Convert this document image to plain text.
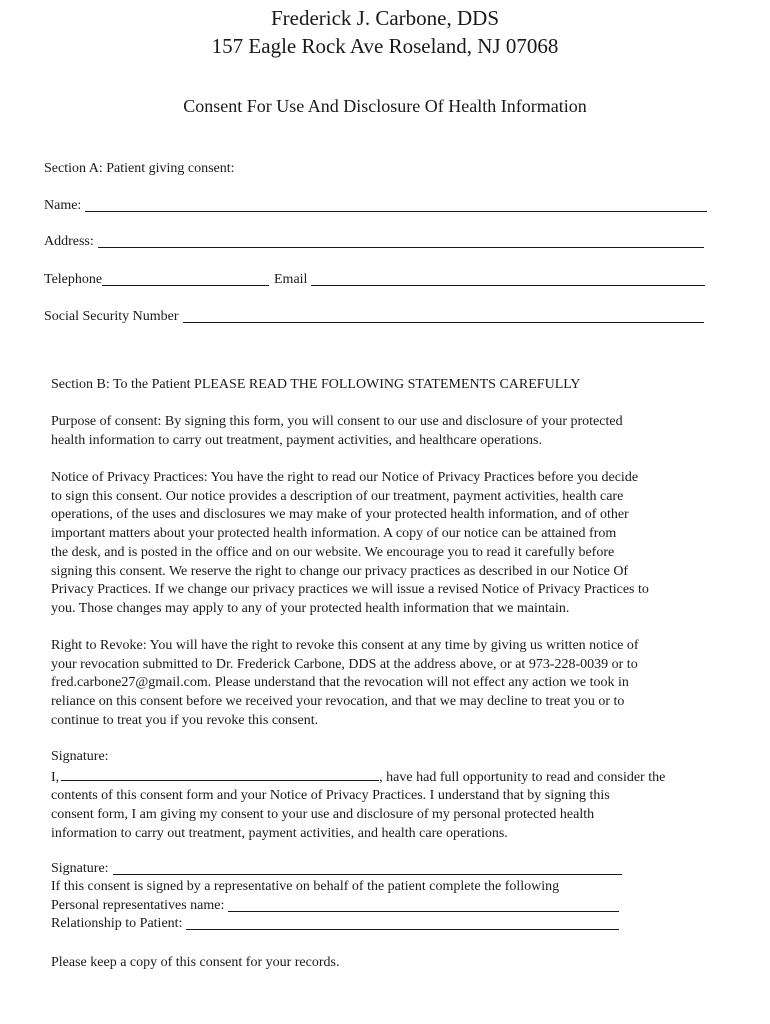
Frederick J. Carbone, DDS
157 Eagle Rock Ave Roseland, NJ 07068
Consent For Use And Disclosure Of Health Information
Section A: Patient giving consent:
Name:
Address:
Telephone	Email
Social Security Number
Section B: To the Patient PLEASE READ THE FOLLOWING STATEMENTS CAREFULLY
Purpose of consent: By signing this form, you will consent to our use and disclosure of your protected
health information to carry out treatment, payment activities, and healthcare operations.
Notice of Privacy Practices: You have the right to read our Notice of Privacy Practices before you decide
to sign this consent. Our notice provides a description of our treatment, payment activities, health care
operations, of the uses and disclosures we may make of your protected health information, and of other
important matters about your protected health information. A copy of our notice can be attained from
the desk, and is posted in the office and on our website. We encourage you to read it carefully before
signing this consent. We reserve the right to change our privacy practices as described in our Notice Of
Privacy Practices. If we change our privacy practices we will issue a revised Notice of Privacy Practices to
you. Those changes may apply to any of your protected health information that we maintain.
Right to Revoke: You will have the right to revoke this consent at any time by giving us written notice of
your revocation submitted to Dr. Frederick Carbone, DDS at the address above, or at 973-228-0039 or to
fred.carbone27@gmail.com. Please understand that the revocation will not effect any action we took in
reliance on this consent before we received your revocation, and that we may decline to treat you or to
continue to treat you if you revoke this consent.
Signature:
I,	, have had full opportunity to read and consider the
contents of this consent form and your Notice of Privacy Practices. I understand that by signing this
consent form, I am giving my consent to your use and disclosure of my personal protected health
information to carry out treatment, payment activities, and health care operations.
Signature:
If this consent is signed by a representative on behalf of the patient complete the following
Personal representatives name:
Relationship to Patient:
Please keep a copy of this consent for your records.
